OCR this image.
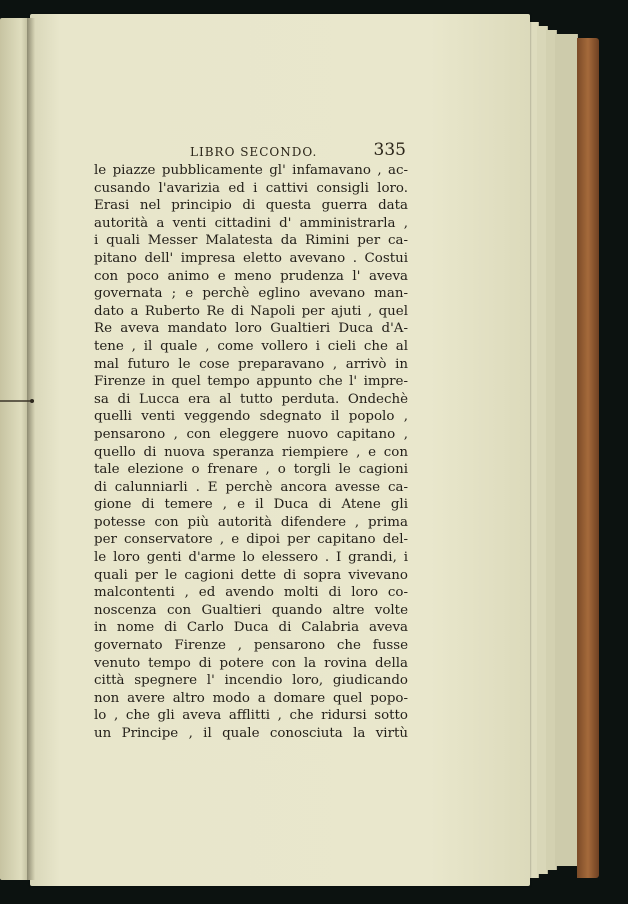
LIBRO SECONDO.	335
le piazze pubblicamente gl' infamavano , ac-
cusando l'avarizia ed i cattivi consigli loro.
Erasi nel principio di questa guerra data
autorità a venti cittadini d' amministrarla ,
i quali Messer Malatesta da Rimini per ca-
pitano dell' impresa eletto avevano . Costui
con poco animo e meno prudenza l' aveva
governata ; e perchè eglino avevano man-
dato a Ruberto Re di Napoli per ajuti , quel
Re aveva mandato loro Gualtieri Duca d'A-
tene , il quale , come vollero i cieli che al
mal futuro le cose preparavano , arrivò in
Firenze in quel tempo appunto che l' impre-
sa di Lucca era al tutto perduta. Ondechè
quelli venti veggendo sdegnato il popolo ,
pensarono , con eleggere nuovo capitano ,
quello di nuova speranza riempiere , e con
tale elezione o frenare , o torgli le cagioni
di calunniarli . E perchè ancora avesse ca-
gione di temere , e il Duca di Atene gli
potesse con più autorità difendere , prima
per conservatore , e dipoi per capitano del-
le loro genti d'arme lo elessero . I grandi, i
quali per le cagioni dette di sopra vivevano
malcontenti , ed avendo molti di loro co-
noscenza con Gualtieri quando altre volte
in nome di Carlo Duca di Calabria aveva
governato Firenze , pensarono che fusse
venuto tempo di potere con la rovina della
città spegnere l' incendio loro, giudicando
non avere altro modo a domare quel popo-
lo , che gli aveva afflitti , che ridursi sotto
un Principe , il quale conosciuta la virtù
